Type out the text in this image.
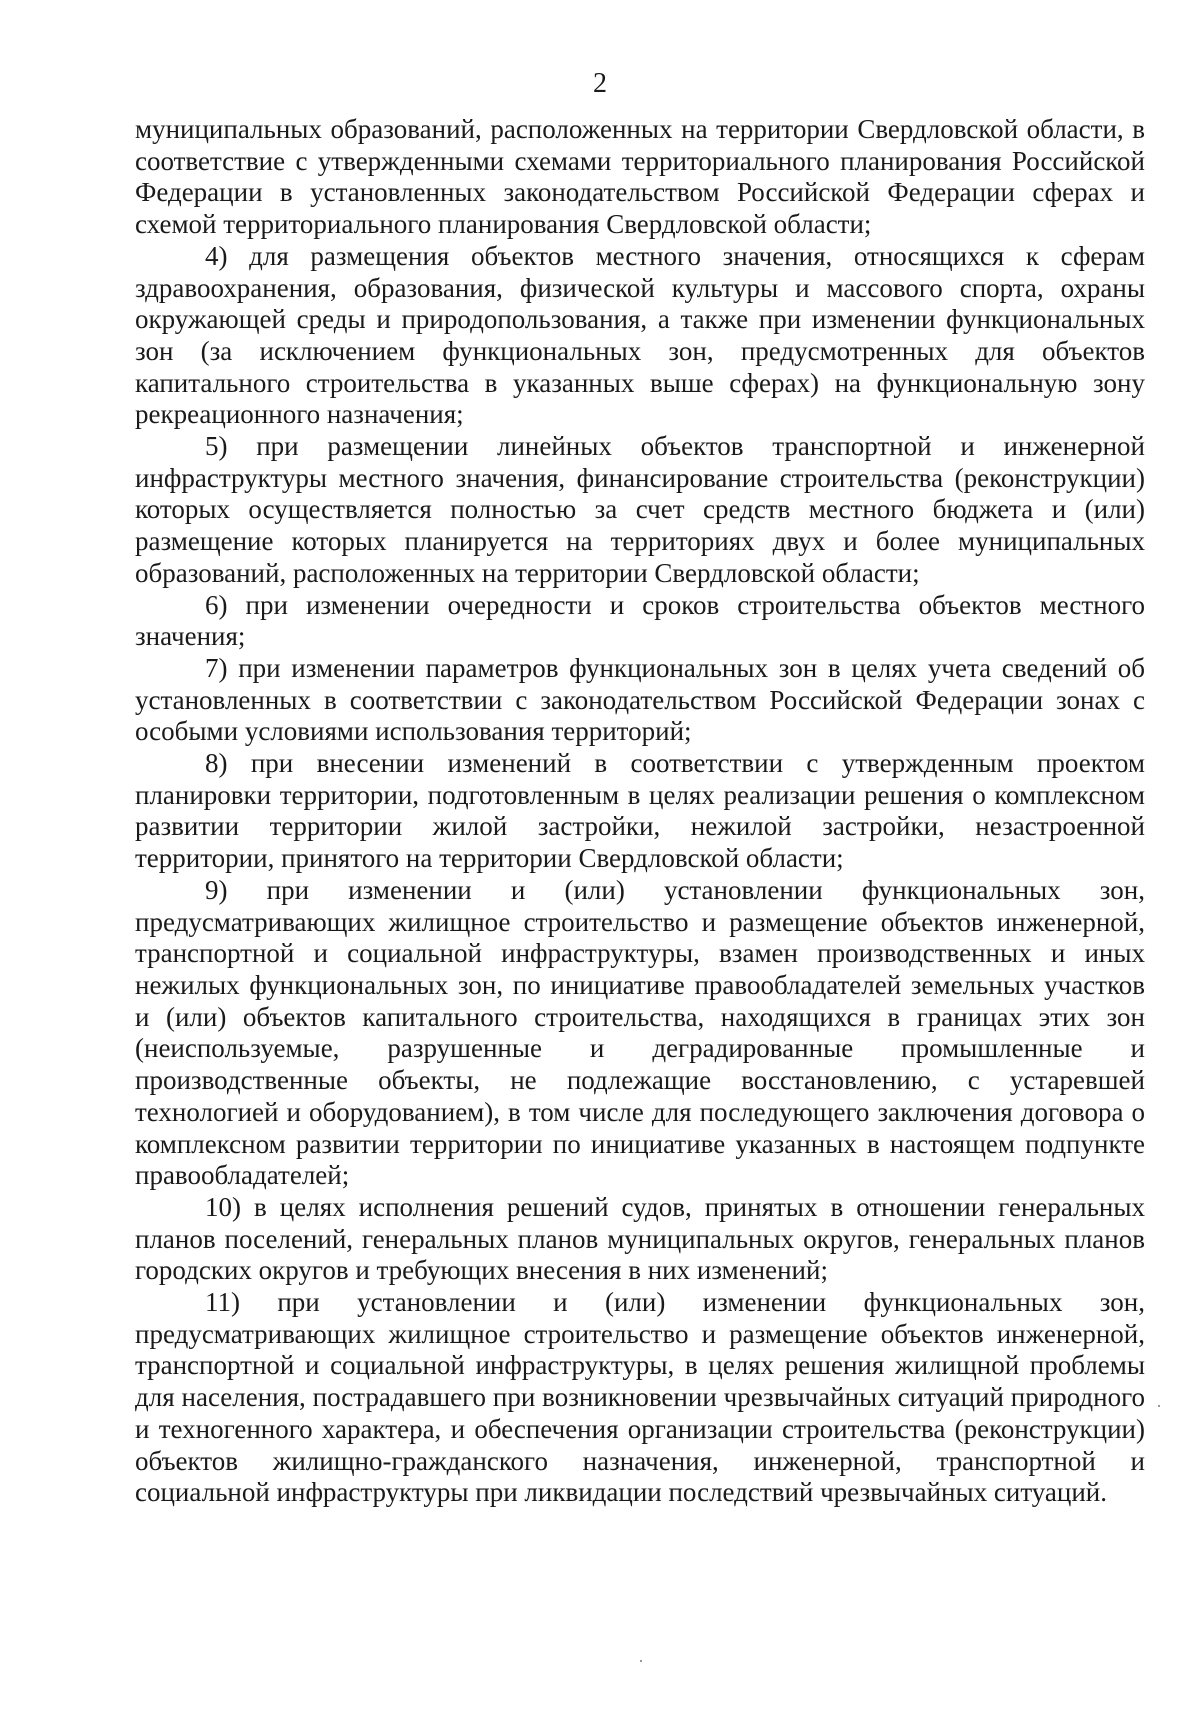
2

муниципальных образований, расположенных на территории Свердловской области, в соответствие с утвержденными схемами территориального планирования Российской Федерации в установленных законодательством Российской Федерации сферах и схемой территориального планирования Свердловской области;

4) для размещения объектов местного значения, относящихся к сферам здравоохранения, образования, физической культуры и массового спорта, охраны окружающей среды и природопользования, а также при изменении функциональных зон (за исключением функциональных зон, предусмотренных для объектов капитального строительства в указанных выше сферах) на функциональную зону рекреационного назначения;

5) при размещении линейных объектов транспортной и инженерной инфраструктуры местного значения, финансирование строительства (реконструкции) которых осуществляется полностью за счет средств местного бюджета и (или) размещение которых планируется на территориях двух и более муниципальных образований, расположенных на территории Свердловской области;

6) при изменении очередности и сроков строительства объектов местного значения;

7) при изменении параметров функциональных зон в целях учета сведений об установленных в соответствии с законодательством Российской Федерации зонах с особыми условиями использования территорий;

8) при внесении изменений в соответствии с утвержденным проектом планировки территории, подготовленным в целях реализации решения о комплексном развитии территории жилой застройки, нежилой застройки, незастроенной территории, принятого на территории Свердловской области;

9) при изменении и (или) установлении функциональных зон, предусматривающих жилищное строительство и размещение объектов инженерной, транспортной и социальной инфраструктуры, взамен производственных и иных нежилых функциональных зон, по инициативе правообладателей земельных участков и (или) объектов капитального строительства, находящихся в границах этих зон (неиспользуемые, разрушенные и деградированные промышленные и производственные объекты, не подлежащие восстановлению, с устаревшей технологией и оборудованием), в том числе для последующего заключения договора о комплексном развитии территории по инициативе указанных в настоящем подпункте правообладателей;

10) в целях исполнения решений судов, принятых в отношении генеральных планов поселений, генеральных планов муниципальных округов, генеральных планов городских округов и требующих внесения в них изменений;

11) при установлении и (или) изменении функциональных зон, предусматривающих жилищное строительство и размещение объектов инженерной, транспортной и социальной инфраструктуры, в целях решения жилищной проблемы для населения, пострадавшего при возникновении чрезвычайных ситуаций природного и техногенного характера, и обеспечения организации строительства (реконструкции) объектов жилищно-гражданского назначения, инженерной, транспортной и социальной инфраструктуры при ликвидации последствий чрезвычайных ситуаций.
